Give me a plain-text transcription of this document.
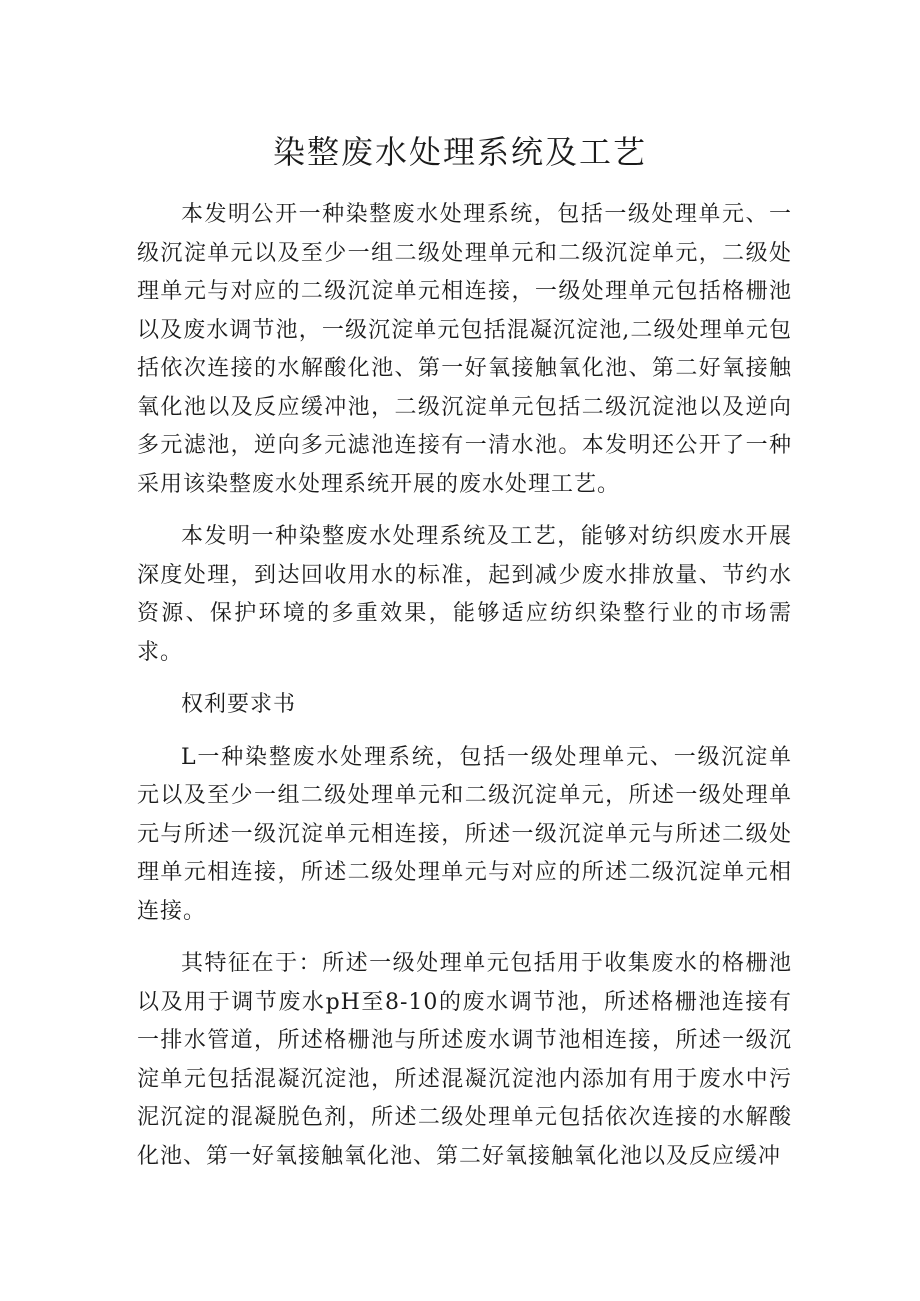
染整废水处理系统及工艺

本发明公开一种染整废水处理系统，包括一级处理单元、一级沉淀单元以及至少一组二级处理单元和二级沉淀单元，二级处理单元与对应的二级沉淀单元相连接，一级处理单元包括格栅池以及废水调节池，一级沉淀单元包括混凝沉淀池,二级处理单元包括依次连接的水解酸化池、第一好氧接触氧化池、第二好氧接触氧化池以及反应缓冲池，二级沉淀单元包括二级沉淀池以及逆向多元滤池，逆向多元滤池连接有一清水池。本发明还公开了一种采用该染整废水处理系统开展的废水处理工艺。

本发明一种染整废水处理系统及工艺，能够对纺织废水开展深度处理，到达回收用水的标准，起到减少废水排放量、节约水资源、保护环境的多重效果，能够适应纺织染整行业的市场需求。

权利要求书

L一种染整废水处理系统，包括一级处理单元、一级沉淀单元以及至少一组二级处理单元和二级沉淀单元，所述一级处理单元与所述一级沉淀单元相连接，所述一级沉淀单元与所述二级处理单元相连接，所述二级处理单元与对应的所述二级沉淀单元相连接。

其特征在于：所述一级处理单元包括用于收集废水的格栅池以及用于调节废水pH至8-10的废水调节池，所述格栅池连接有一排水管道，所述格栅池与所述废水调节池相连接，所述一级沉淀单元包括混凝沉淀池，所述混凝沉淀池内添加有用于废水中污泥沉淀的混凝脱色剂，所述二级处理单元包括依次连接的水解酸化池、第一好氧接触氧化池、第二好氧接触氧化池以及反应缓冲
